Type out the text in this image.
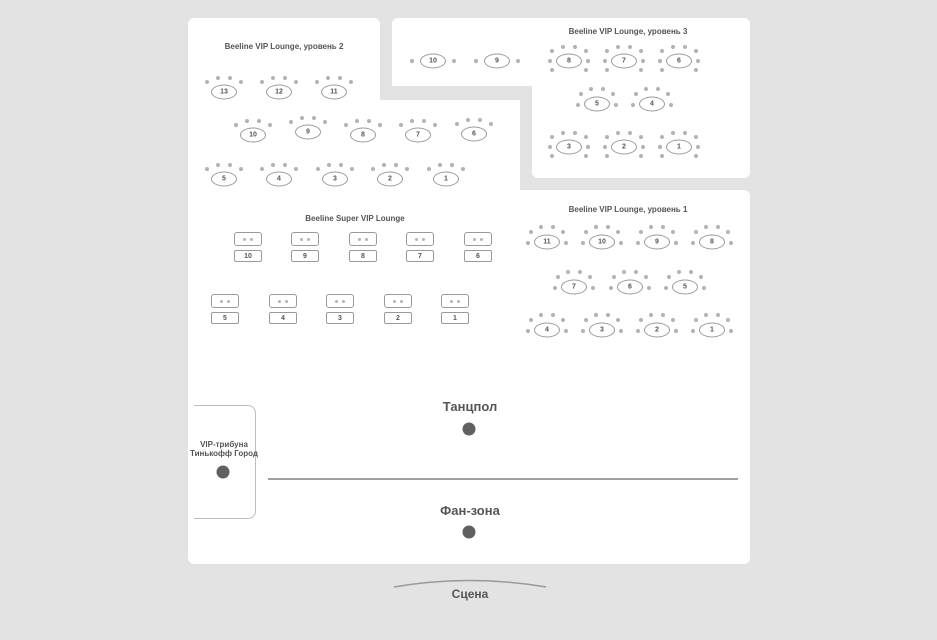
Beeline VIP Lounge, уровень 2
Beeline VIP Lounge, уровень 3
Beeline Super VIP Lounge
Beeline VIP Lounge, уровень 1
13	12	11
10	9	8	7	6
5	4	3	2	1
10	9	8	7	6
5	4
3	2	1
11	10	9	8
7	6	5
4	3	2	1
10	9	8	7	6
5	4	3	2	1
Танцпол
Фан-зона
VIP-трибуна
Тинькофф Город
Сцена
